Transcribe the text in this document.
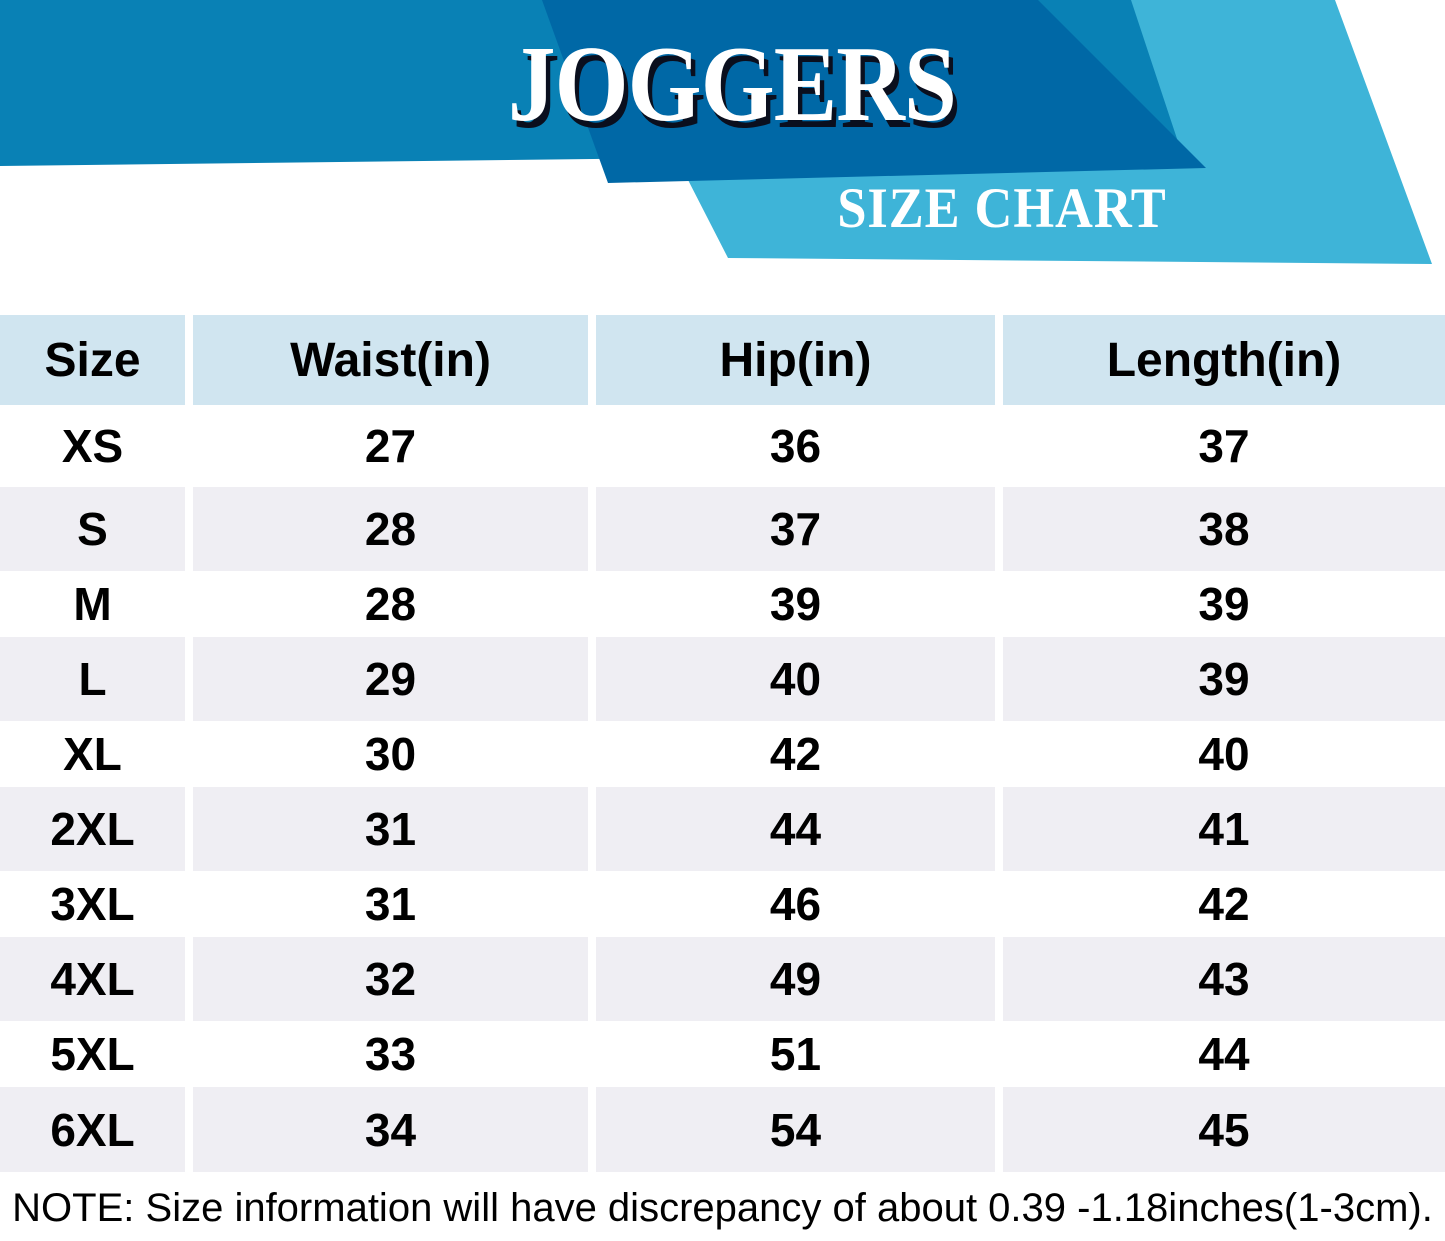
JOGGERS
SIZE CHART
Size	Waist(in)	Hip(in)	Length(in)
XS	27	36	37
S	28	37	38
M	28	39	39
L	29	40	39
XL	30	42	40
2XL	31	44	41
3XL	31	46	42
4XL	32	49	43
5XL	33	51	44
6XL	34	54	45
NOTE: Size information will have discrepancy of about 0.39 -1.18inches(1-3cm).
